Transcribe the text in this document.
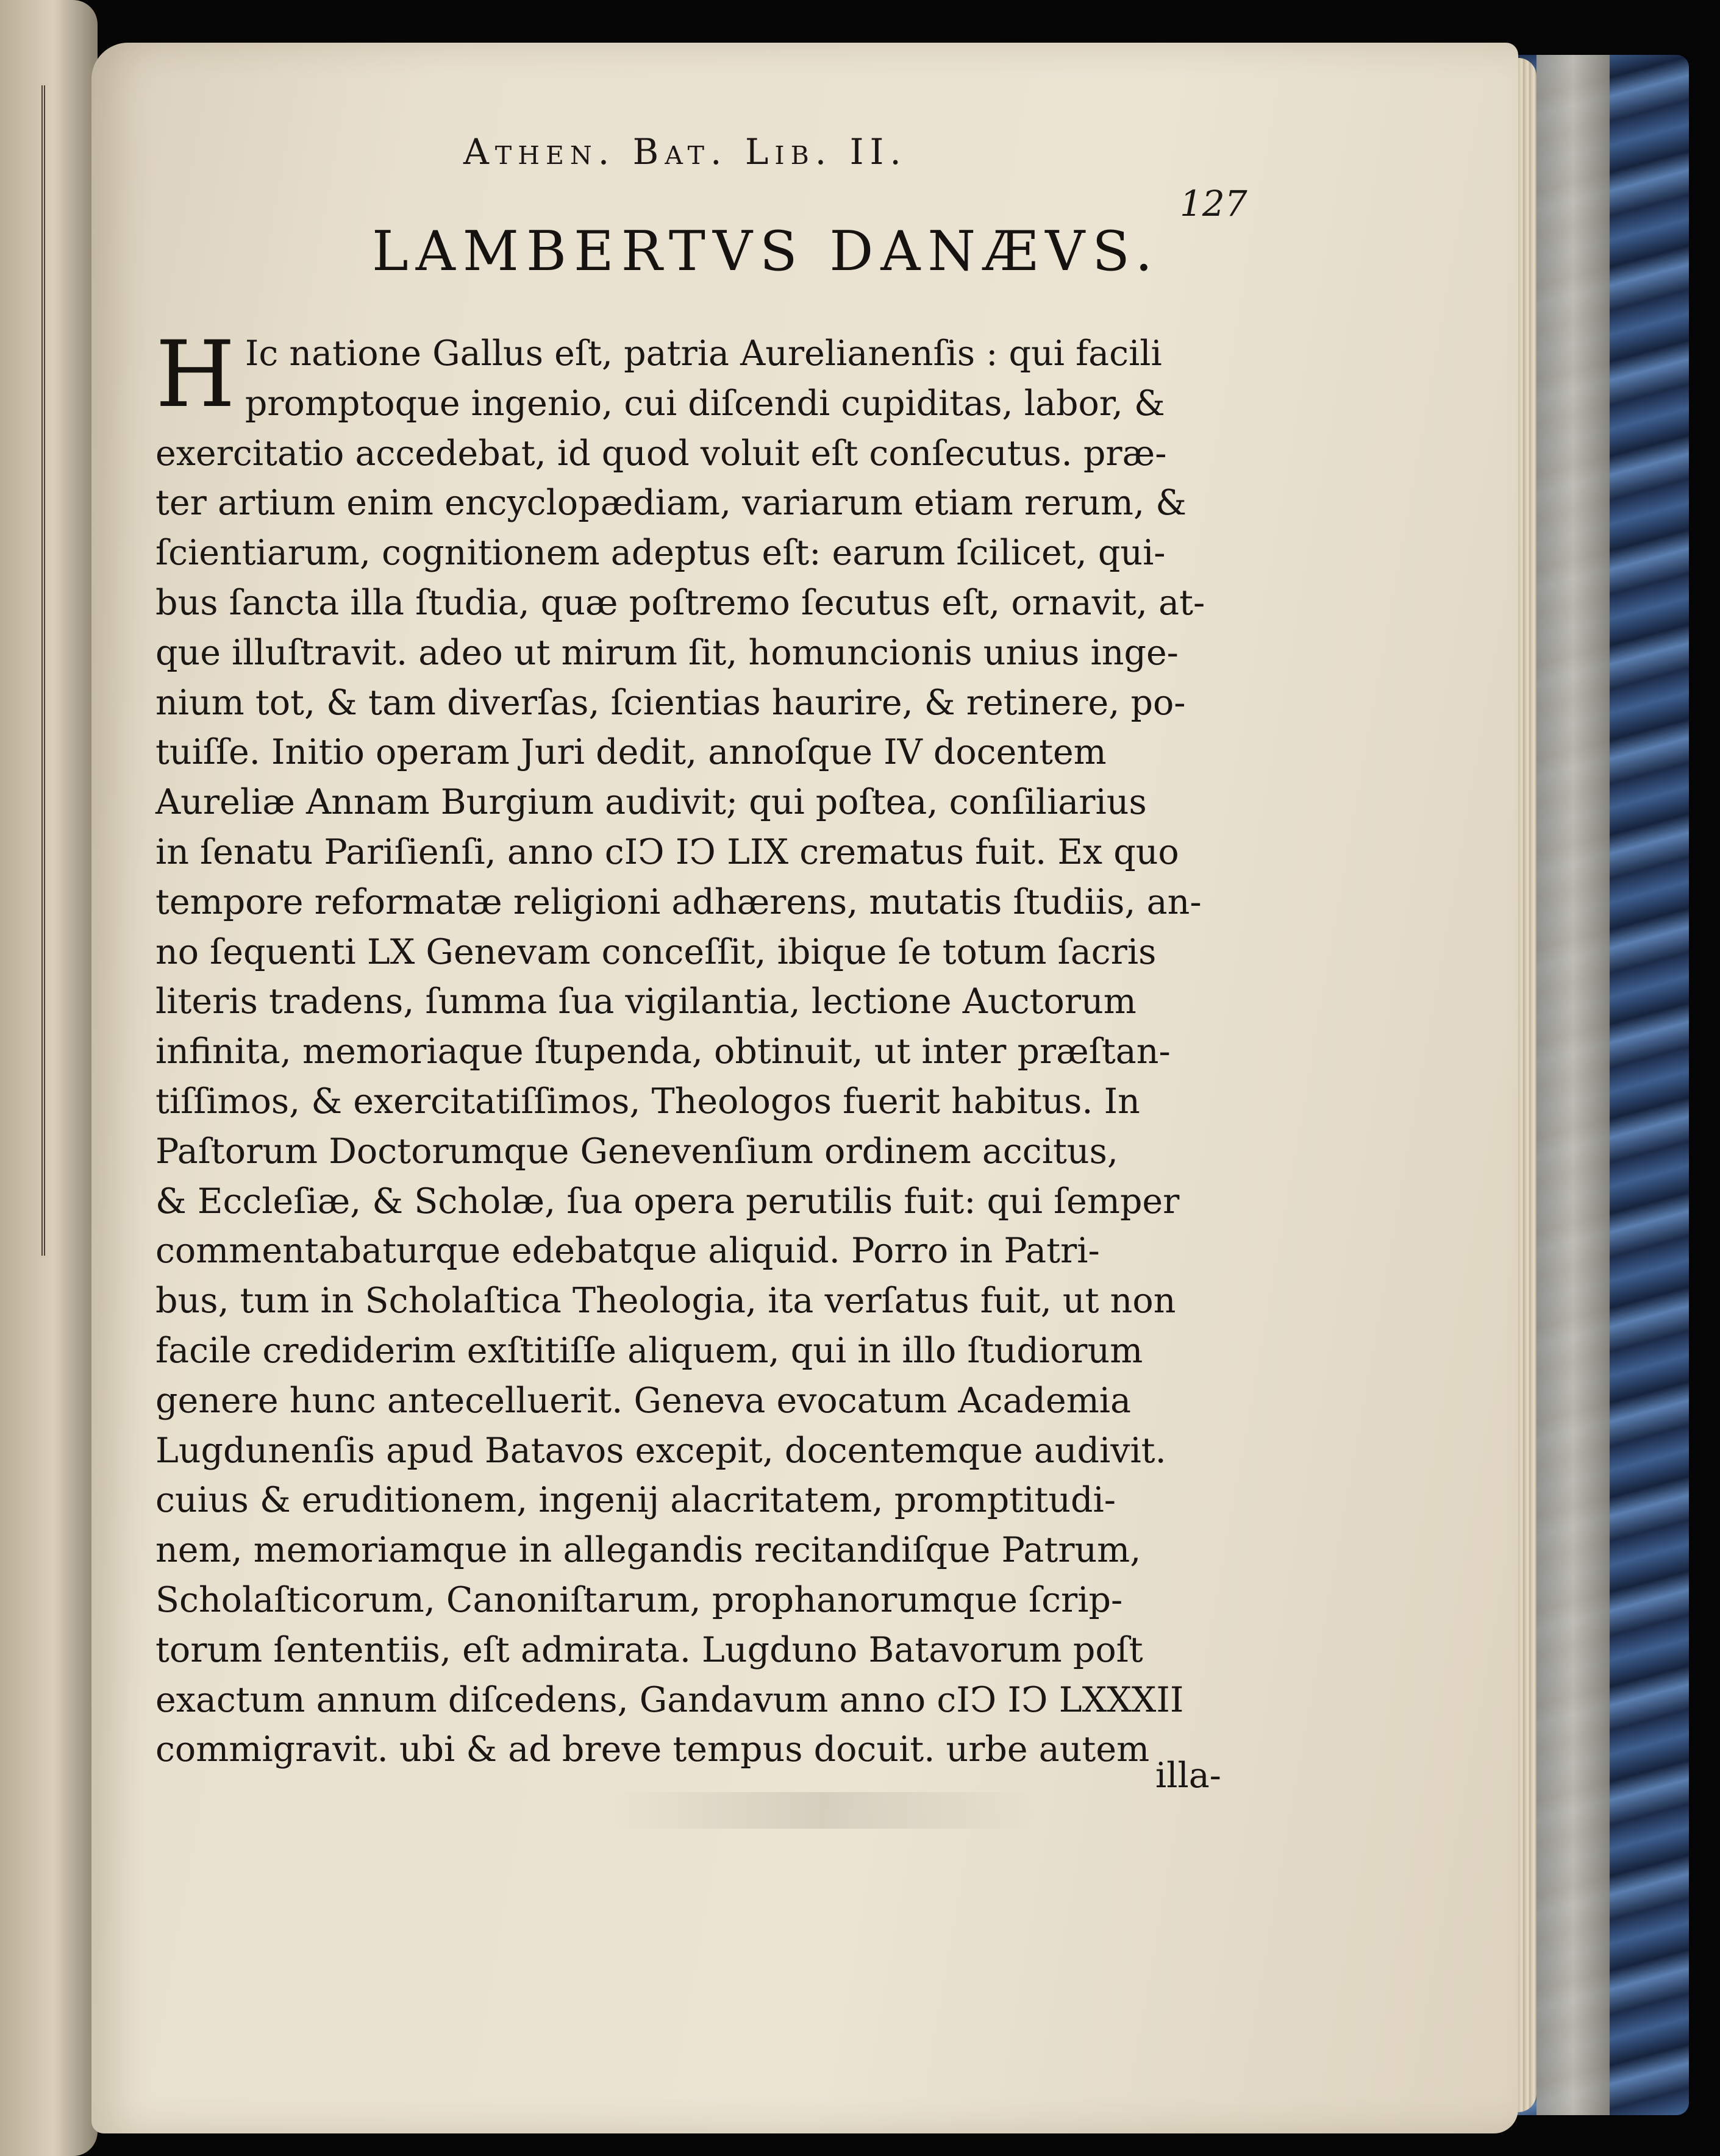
Athen. Bat. Lib. II.
127
LAMBERTVS DANÆVS.
H Ic natione Gallus eſt, patria Aurelianenſis : qui facili
promptoque ingenio, cui diſcendi cupiditas, labor, &
exercitatio accedebat, id quod voluit eſt conſecutus. præ-
ter artium enim encyclopædiam, variarum etiam rerum, &
ſcientiarum, cognitionem adeptus eſt: earum ſcilicet, qui-
bus ſancta illa ſtudia, quæ poſtremo ſecutus eſt, ornavit, at-
que illuſtravit. adeo ut mirum ſit, homuncionis unius inge-
nium tot, & tam diverſas, ſcientias haurire, & retinere, po-
tuiſſe. Initio operam Juri dedit, annoſque IV docentem
Aureliæ Annam Burgium audivit; qui poſtea, conſiliarius
in ſenatu Pariſienſi, anno cIↃ IↃ LIX crematus fuit. Ex quo
tempore reformatæ religioni adhærens, mutatis ſtudiis, an-
no ſequenti LX Genevam conceſſit, ibique ſe totum ſacris
literis tradens, ſumma ſua vigilantia, lectione Auctorum
infinita, memoriaque ſtupenda, obtinuit, ut inter præſtan-
tiſſimos, & exercitatiſſimos, Theologos fuerit habitus. In
Paſtorum Doctorumque Genevenſium ordinem accitus,
& Eccleſiæ, & Scholæ, ſua opera perutilis fuit: qui ſemper
commentabaturque edebatque aliquid. Porro in Patri-
bus, tum in Scholaſtica Theologia, ita verſatus fuit, ut non
facile crediderim exſtitiſſe aliquem, qui in illo ſtudiorum
genere hunc antecelluerit. Geneva evocatum Academia
Lugdunenſis apud Batavos excepit, docentemque audivit.
cuius & eruditionem, ingenij alacritatem, promptitudi-
nem, memoriamque in allegandis recitandiſque Patrum,
Scholaſticorum, Canoniſtarum, prophanorumque ſcrip-
torum ſententiis, eſt admirata. Lugduno Batavorum poſt
exactum annum diſcedens, Gandavum anno cIↃ IↃ LXXXII
commigravit. ubi & ad breve tempus docuit. urbe autem
illa-
